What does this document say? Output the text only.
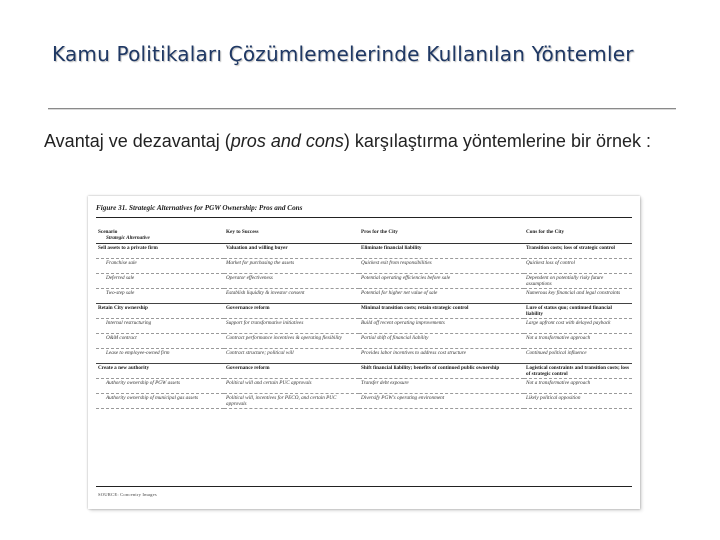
Kamu Politikaları Çözümlemelerinde Kullanılan Yöntemler
Avantaj ve dezavantaj (pros and cons) karşılaştırma yöntemlerine bir örnek :
Figure 31. Strategic Alternatives for PGW Ownership: Pros and Cons
Scenario
Strategic Alternative	Key to Success	Pros for the City	Cons for the City
Sell assets to a private firm	Valuation and willing buyer	Eliminate financial liability	Transition costs; loss of strategic control
Franchise sale	Market for purchasing the assets	Quickest exit from responsibilities	Quickest loss of control
Deferred sale	Operator effectiveness	Potential operating efficiencies before sale	Dependent on potentially risky future assumptions
Two-step sale	Establish liquidity & investor consent	Potential for higher net value of sale	Numerous key financial and legal constraints
Retain City ownership	Governance reform	Minimal transition costs; retain strategic control	Lure of status quo; continued financial liability
Internal restructuring	Support for transformative initiatives	Build off recent operating improvements	Large upfront cost with delayed payback
O&M contract	Contract performance incentives & operating flexibility	Partial shift of financial liability	Not a transformative approach
Lease to employee-owned firm	Contract structure; political will	Provides labor incentives to address cost structure	Continued political influence
Create a new authority	Governance reform	Shift financial liability; benefits of continued public ownership	Logistical constraints and transition costs; loss of strategic control
Authority ownership of PGW assets	Political will and certain PUC approvals	Transfer debt exposure	Not a transformative approach
Authority ownership of municipal gas assets	Political will, incentives for PECO, and certain PUC approvals	Diversify PGW's operating environment	Likely political opposition
SOURCE: Concentry Images
